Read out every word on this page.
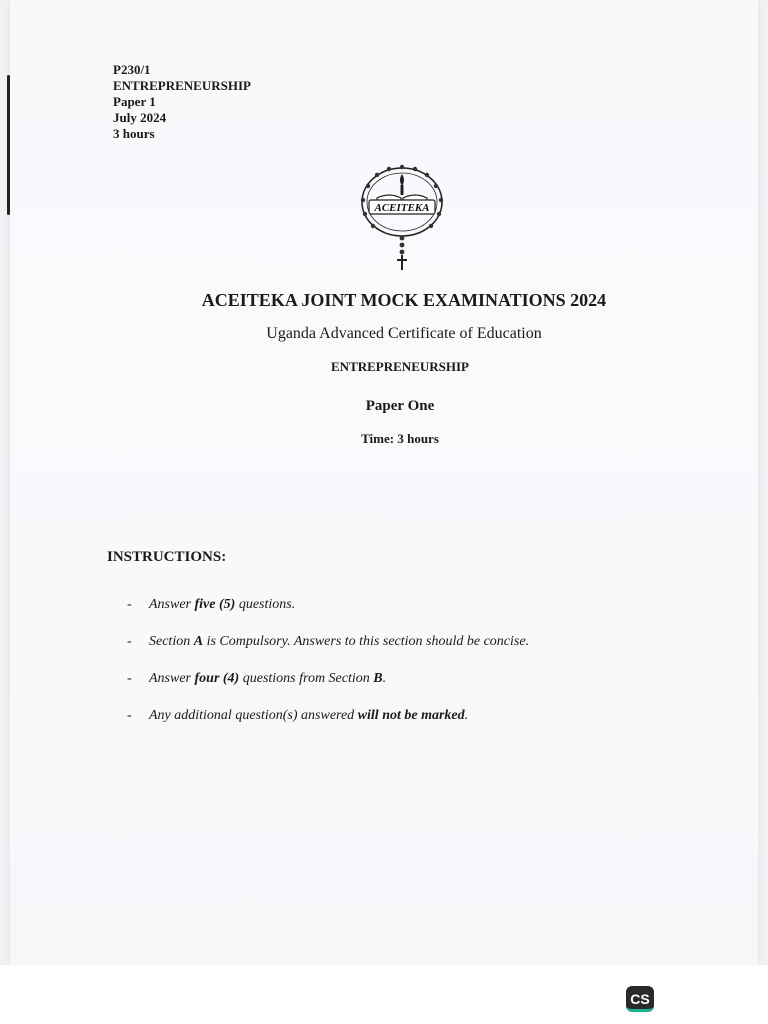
P230/1
ENTREPRENEURSHIP
Paper 1
July 2024
3 hours
ACEITEKA
ACEITEKA JOINT MOCK EXAMINATIONS 2024
Uganda Advanced Certificate of Education
ENTREPRENEURSHIP
Paper One
Time: 3 hours
INSTRUCTIONS:
- Answer five (5) questions.
- Section A is Compulsory. Answers to this section should be concise.
- Answer four (4) questions from Section B.
- Any additional question(s) answered will not be marked.
CS
